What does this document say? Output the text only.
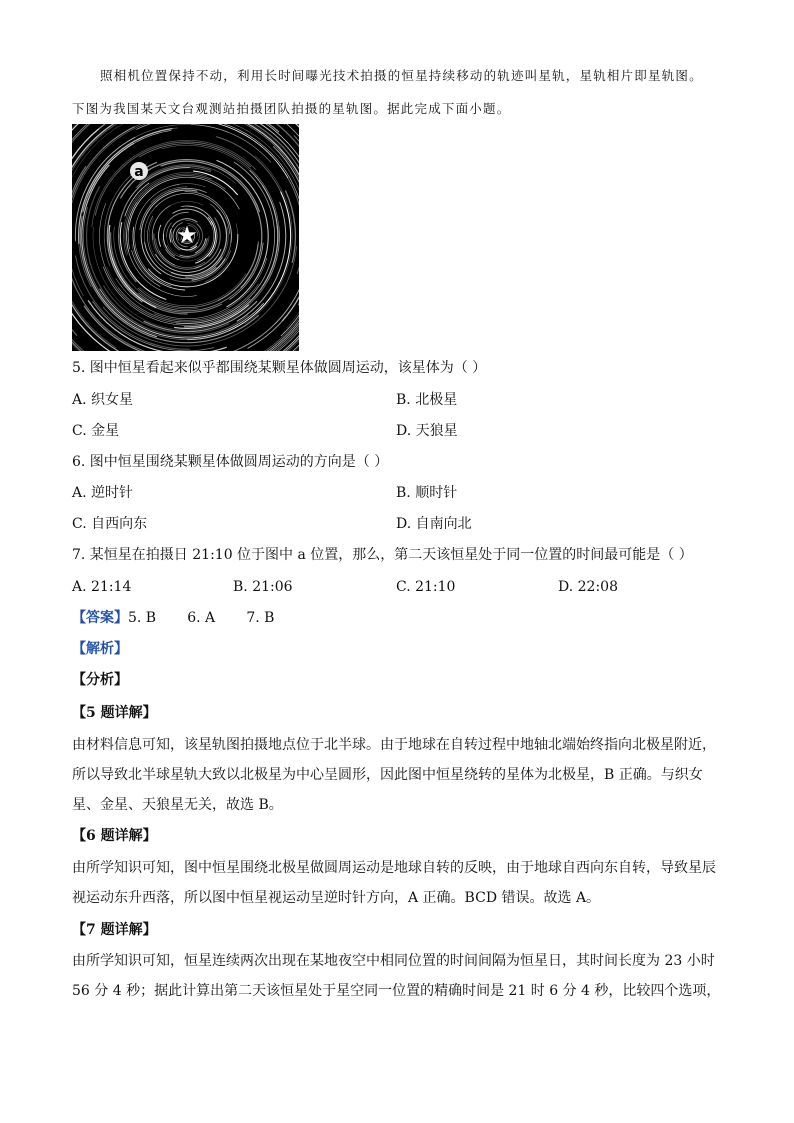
照相机位置保持不动，利用长时间曝光技术拍摄的恒星持续移动的轨迹叫星轨，星轨相片即星轨图。
下图为我国某天文台观测站拍摄团队拍摄的星轨图。据此完成下面小题。
a
★
5. 图中恒星看起来似乎都围绕某颗星体做圆周运动，该星体为（ ）
A. 织女星	B. 北极星
C. 金星	D. 天狼星
6. 图中恒星围绕某颗星体做圆周运动的方向是（ ）
A. 逆时针	B. 顺时针
C. 自西向东	D. 自南向北
7. 某恒星在拍摄日 21:10 位于图中 a 位置，那么，第二天该恒星处于同一位置的时间最可能是（ ）
A. 21:14	B. 21:06	C. 21:10	D. 22:08
【答案】5. B       6. A       7. B
【解析】
【分析】
【5 题详解】
由材料信息可知，该星轨图拍摄地点位于北半球。由于地球在自转过程中地轴北端始终指向北极星附近，
所以导致北半球星轨大致以北极星为中心呈圆形，因此图中恒星绕转的星体为北极星，B 正确。与织女
星、金星、天狼星无关，故选 B。
【6 题详解】
由所学知识可知，图中恒星围绕北极星做圆周运动是地球自转的反映，由于地球自西向东自转，导致星辰
视运动东升西落，所以图中恒星视运动呈逆时针方向，A 正确。BCD 错误。故选 A。
【7 题详解】
由所学知识可知，恒星连续两次出现在某地夜空中相同位置的时间间隔为恒星日，其时间长度为 23 小时
56 分 4 秒；据此计算出第二天该恒星处于星空同一位置的精确时间是 21 时 6 分 4 秒，比较四个选项，
